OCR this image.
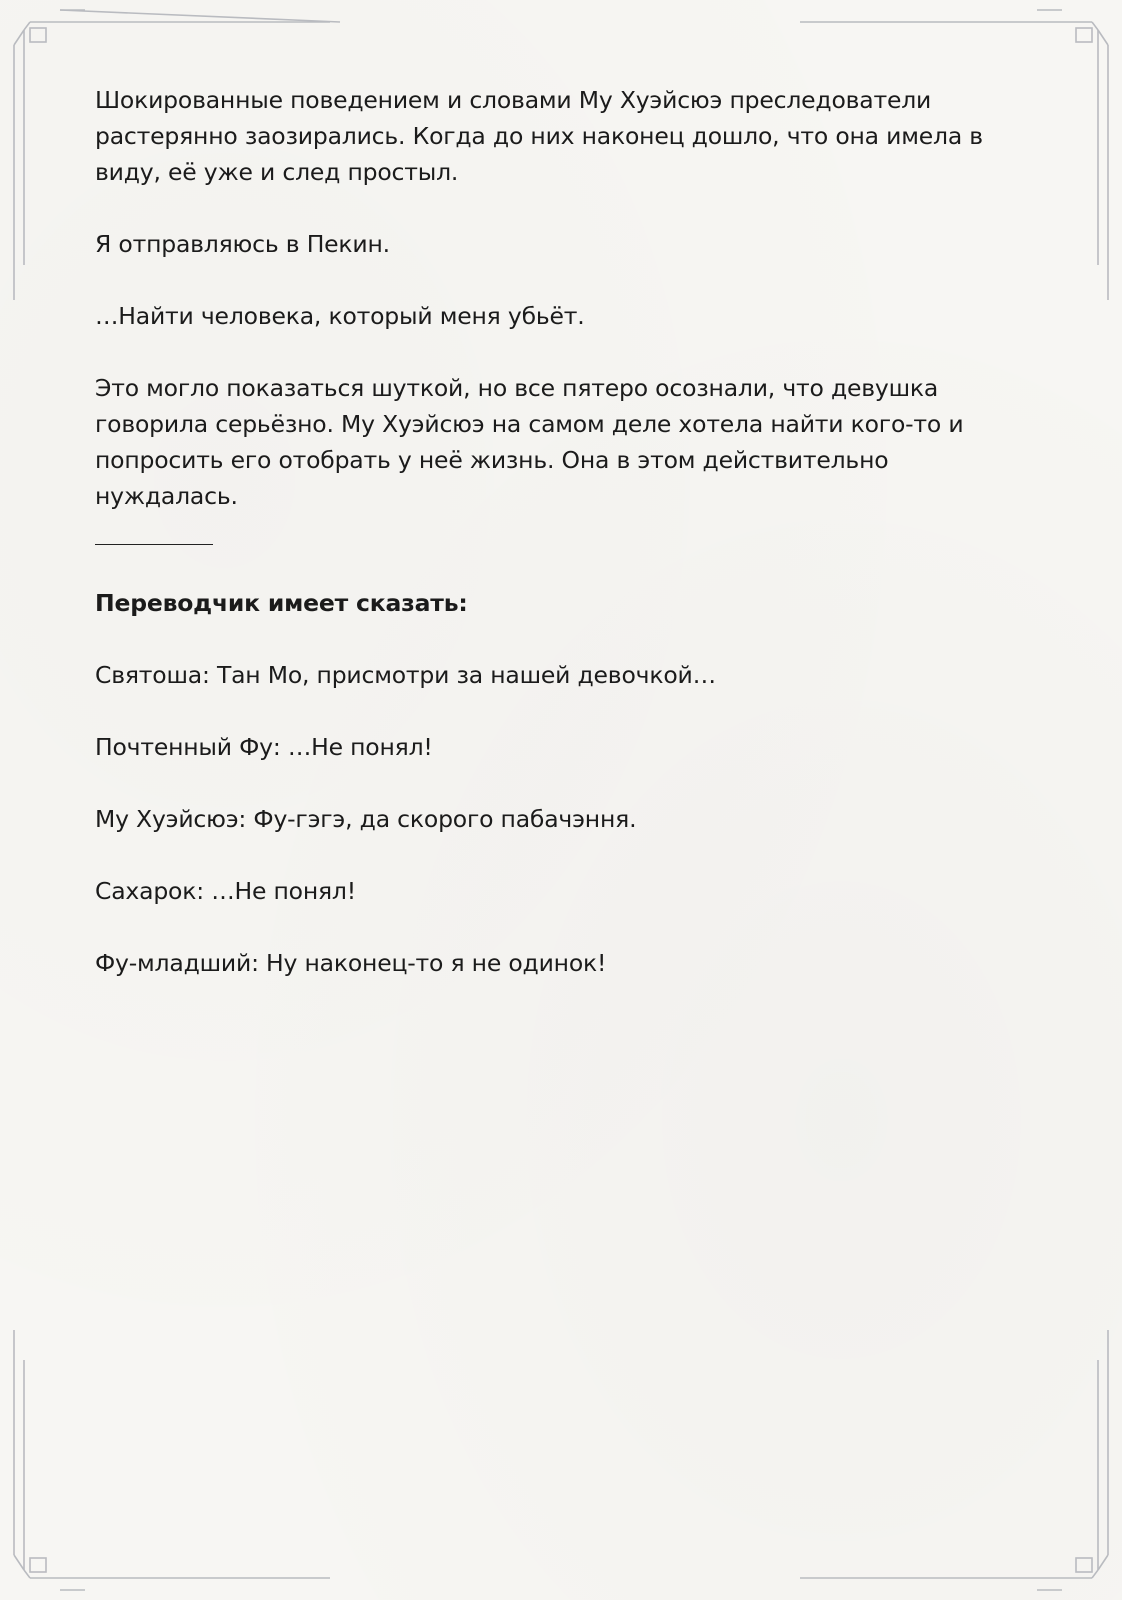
Шокированные поведением и словами Му Хуэйсюэ преследователи растерянно заозирались. Когда до них наконец дошло, что она имела в виду, её уже и след простыл.

Я отправляюсь в Пекин.

…Найти человека, который меня убьёт.

Это могло показаться шуткой, но все пятеро осознали, что девушка говорила серьёзно. Му Хуэйсюэ на самом деле хотела найти кого-то и попросить его отобрать у неё жизнь. Она в этом действительно нуждалась.

Переводчик имеет сказать:

Святоша: Тан Мо, присмотри за нашей девочкой…

Почтенный Фу: …Не понял!

Му Хуэйсюэ: Фу-гэгэ, да скорого пабачэння.

Сахарок: …Не понял!

Фу-младший: Ну наконец-то я не одинок!
